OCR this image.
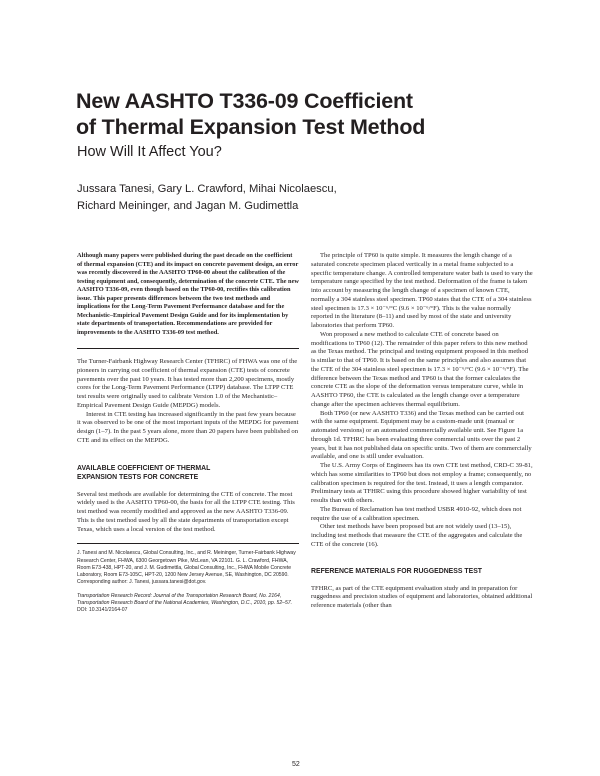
New AASHTO T336-09 Coefficient
of Thermal Expansion Test Method
How Will It Affect You?
Jussara Tanesi, Gary L. Crawford, Mihai Nicolaescu,
Richard Meininger, and Jagan M. Gudimettla

Although many papers were published during the past decade on the coefficient of thermal expansion (CTE) and its impact on concrete pavement design, an error was recently discovered in the AASHTO TP60-00 about the calibration of the testing equipment and, consequently, determination of the concrete CTE. The new AASHTO T336-09, even though based on the TP60-00, rectifies this calibration issue. This paper presents differences between the two test methods and implications for the Long-Term Pavement Performance database and for the Mechanistic–Empirical Pavement Design Guide and for its implementation by state departments of transportation. Recommendations are provided for improvements to the AASHTO T336-09 test method.

The Turner-Fairbank Highway Research Center (TFHRC) of FHWA was one of the pioneers in carrying out coefficient of thermal expansion (CTE) tests of concrete pavements over the past 10 years. It has tested more than 2,200 specimens, mostly cores for the Long-Term Pavement Performance (LTPP) database. The LTPP CTE test results were originally used to calibrate Version 1.0 of the Mechanistic–Empirical Pavement Design Guide (MEPDG) models.

Interest in CTE testing has increased significantly in the past few years because it was observed to be one of the most important inputs of the MEPDG for pavement design (1–7). In the past 5 years alone, more than 20 papers have been published on CTE and its effect on the MEPDG.

AVAILABLE COEFFICIENT OF THERMAL
EXPANSION TESTS FOR CONCRETE

Several test methods are available for determining the CTE of concrete. The most widely used is the AASHTO TP60-00, the basis for all the LTPP CTE testing. This test method was recently modified and approved as the new AASHTO T336-09. This is the test method used by all the state departments of transportation except Texas, which uses a local version of the test method.

J. Tanesi and M. Nicolaescu, Global Consulting, Inc., and R. Meininger, Turner-Fairbank Highway Research Center, FHWA, 6300 Georgetown Pike, McLean, VA 22101. G. L. Crawford, FHWA, Room E73-438, HPT-20, and J. M. Gudimettla, Global Consulting, Inc., FHWA Mobile Concrete Laboratory, Room E73-105C, HPT-20, 1200 New Jersey Avenue, SE, Washington, DC 20590. Corresponding author: J. Tanesi, jussara.tanesi@dot.gov.

Transportation Research Record: Journal of the Transportation Research Board, No. 2164, Transportation Research Board of the National Academies, Washington, D.C., 2010, pp. 52–57.

DOI: 10.3141/2164-07

The principle of TP60 is quite simple. It measures the length change of a saturated concrete specimen placed vertically in a metal frame subjected to a specific temperature change. A controlled temperature water bath is used to vary the temperature range specified by the test method. Deformation of the frame is taken into account by measuring the length change of a specimen of known CTE, normally a 304 stainless steel specimen. TP60 states that the CTE of a 304 stainless steel specimen is 17.3 × 10⁻⁶/°C (9.6 × 10⁻⁶/°F). This is the value normally reported in the literature (8–11) and used by most of the state and university laboratories that perform TP60.

Won proposed a new method to calculate CTE of concrete based on modifications to TP60 (12). The remainder of this paper refers to this new method as the Texas method. The principal and testing equipment proposed in this method is similar to that of TP60. It is based on the same principles and also assumes that the CTE of the 304 stainless steel specimen is 17.3 × 10⁻⁶/°C (9.6 × 10⁻⁶/°F). The difference between the Texas method and TP60 is that the former calculates the concrete CTE as the slope of the deformation versus temperature curve, while in AASHTO TP60, the CTE is calculated as the length change over a temperature change after the specimen achieves thermal equilibrium.

Both TP60 (or new AASHTO T336) and the Texas method can be carried out with the same equipment. Equipment may be a custom-made unit (manual or automated versions) or an automated commercially available unit. See Figure 1a through 1d. TFHRC has been evaluating three commercial units over the past 2 years, but it has not published data on specific units. Two of them are commercially available, and one is still under evaluation.

The U.S. Army Corps of Engineers has its own CTE test method, CRD-C 39-81, which has some similarities to TP60 but does not employ a frame; consequently, no calibration specimen is required for the test. Instead, it uses a length comparator. Preliminary tests at TFHRC using this procedure showed higher variability of test results than with others.

The Bureau of Reclamation has test method USBR 4910-92, which does not require the use of a calibration specimen.

Other test methods have been proposed but are not widely used (13–15), including test methods that measure the CTE of the aggregates and calculate the CTE of the concrete (16).

REFERENCE MATERIALS FOR RUGGEDNESS TEST

TFHRC, as part of the CTE equipment evaluation study and in preparation for ruggedness and precision studies of equipment and laboratories, obtained additional reference materials (other than

52
